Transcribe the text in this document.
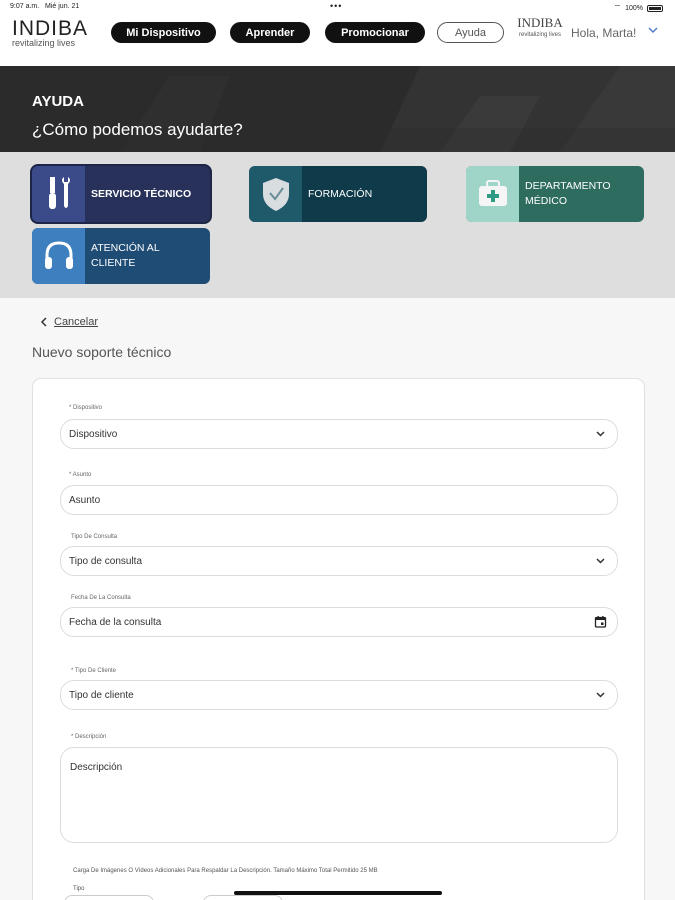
9:07 a.m. Mié jun. 21	•••	⌔ 100%
INDIBA
revitalizing lives
Mi Dispositivo	Aprender	Promocionar	Ayuda
INDIBA
revitalizing lives Hola, Marta!
AYUDA
¿Cómo podemos ayudarte?
SERVICIO TÉCNICO	FORMACIÓN
DEPARTAMENTO MÉDICO
ATENCIÓN AL CLIENTE
Cancelar
Nuevo soporte técnico
* Dispositivo
Dispositivo
* Asunto
Asunto
Tipo De Consulta
Tipo de consulta
Fecha De La Consulta
Fecha de la consulta
* Tipo De Cliente
Tipo de cliente
* Descripción
Descripción
Carga De Imágenes O Vídeos Adicionales Para Respaldar La Descripción. Tamaño Máximo Total Permitido 25 MB
Tipo
